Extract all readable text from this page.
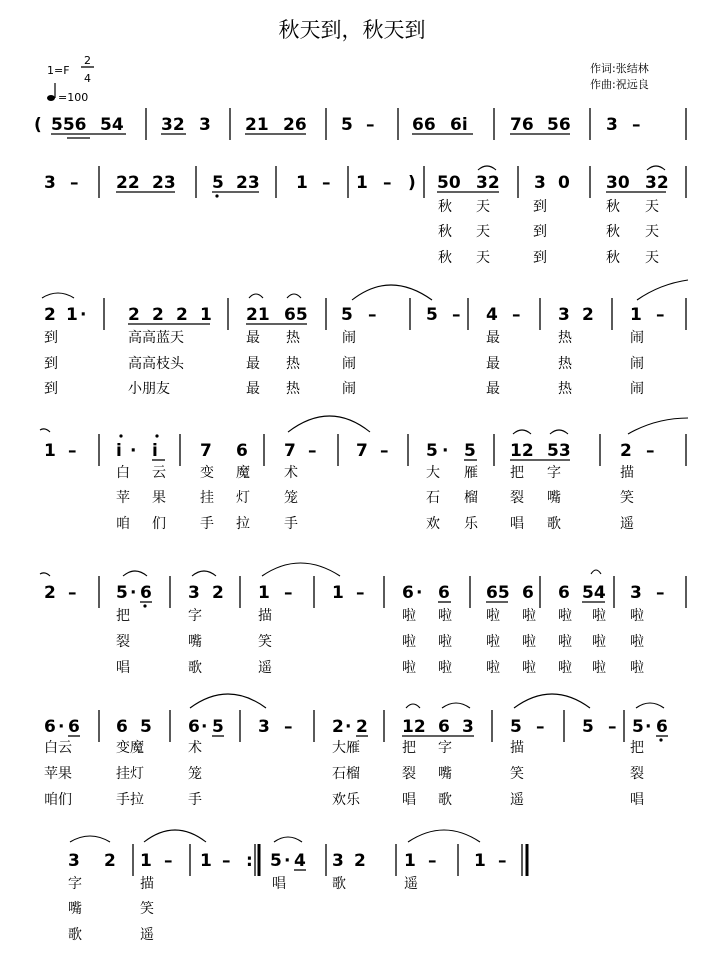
秋天到，秋天到
1=F
2
4
=100
作词:张结林
作曲:祝远良
( 556 54 32 3 21 26 5 – 66 6i 76 56 3 –
3 – 22 23 5 23 1 – 1 – ) 50 32 3 0 30 32
秋 天	到	秋 天
秋 天	到	秋 天
秋 天	到	秋 天
2 1 · 2 2 2 1 21 65 5 –	5 – 4 – 3 2 1 –
到	高高蓝天	最 热	闹	最	热	闹
到	高高枝头	最 热	闹	最	热	闹
到	小朋友	最 热	闹	最	热	闹
1 – i · i 7 6 7 – 7 – 5 · 5 12 53	2 –
白 云 变 魔 术	大 雁 把 字	描
苹 果 挂 灯 笼	石 榴 裂 嘴	笑
咱 们 手 拉 手	欢 乐 唱 歌	遥
2 – 5 · 6 3 2 1 – 1 – 6 · 6 65 6 6 54 3 –
把	字	描	啦 啦 啦 啦 啦 啦 啦
裂	嘴	笑	啦 啦 啦 啦 啦 啦 啦
唱	歌	遥	啦 啦 啦 啦 啦 啦 啦
6 · 6 6 5 6 · 5 3 – 2 · 2 12 6 3 5 – 5 – 5 · 6
白云	变魔	术	大雁	把 字	描	把
苹果	挂灯	笼	石榴	裂 嘴	笑	裂
咱们	手拉	手	欢乐	唱 歌	遥	唱
3 2 1 – 1 – : 5 · 4 3 2 1 – 1 –
字	描	唱	歌	遥
嘴	笑
歌	遥
